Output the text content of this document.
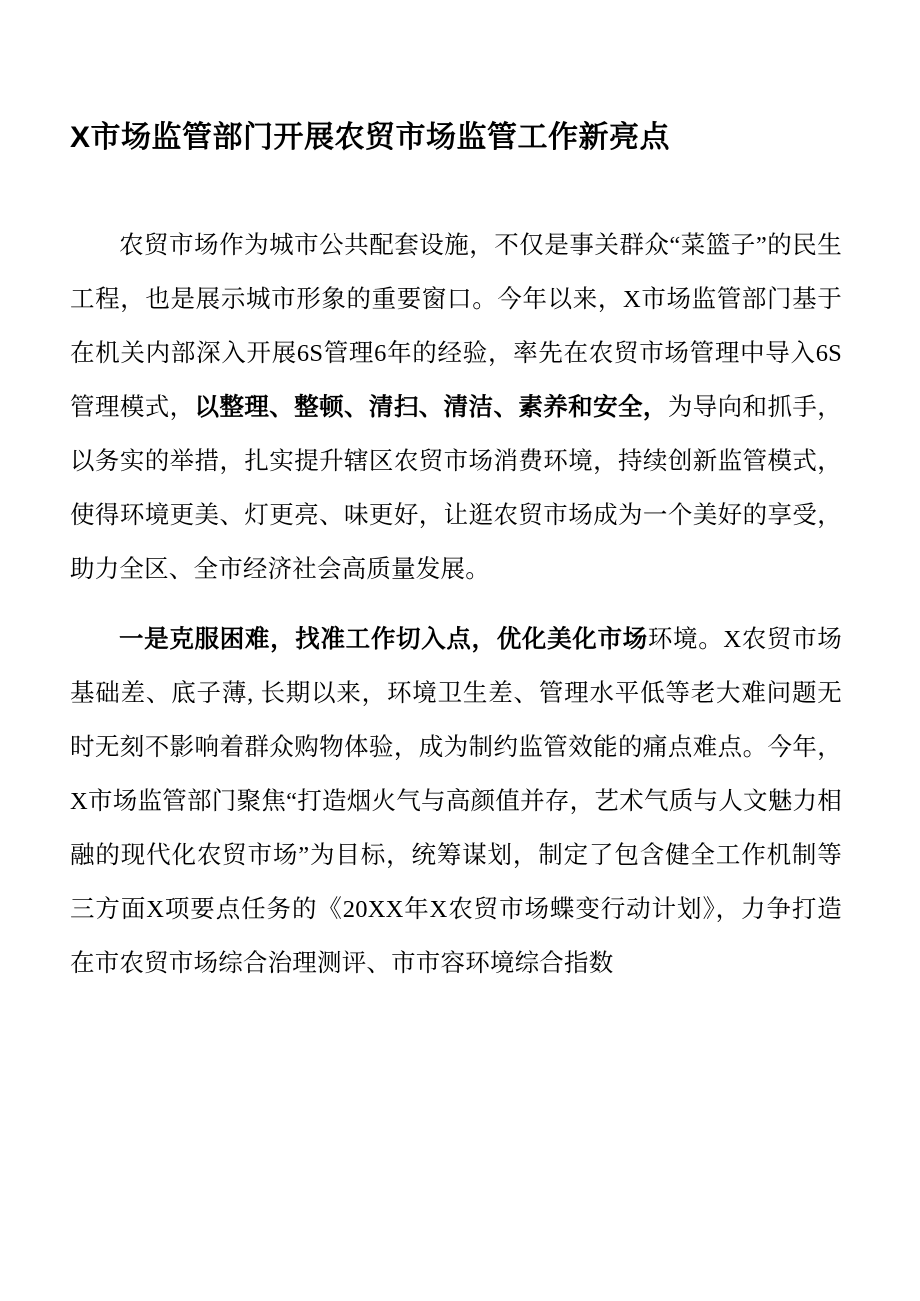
X市场监管部门开展农贸市场监管工作新亮点

农贸市场作为城市公共配套设施，不仅是事关群众“菜篮子”的民生工程，也是展示城市形象的重要窗口。今年以来，X市场监管部门基于在机关内部深入开展6S管理6年的经验，率先在农贸市场管理中导入6S管理模式，以整理、整顿、清扫、清洁、素养和安全，为导向和抓手，以务实的举措，扎实提升辖区农贸市场消费环境，持续创新监管模式，使得环境更美、灯更亮、味更好，让逛农贸市场成为一个美好的享受，助力全区、全市经济社会高质量发展。

一是克服困难，找准工作切入点，优化美化市场环境。X农贸市场基础差、底子薄, 长期以来，环境卫生差、管理水平低等老大难问题无时无刻不影响着群众购物体验，成为制约监管效能的痛点难点。今年，X市场监管部门聚焦“打造烟火气与高颜值并存，艺术气质与人文魅力相融的现代化农贸市场”为目标，统筹谋划，制定了包含健全工作机制等三方面X项要点任务的《20XX年X农贸市场蝶变行动计划》，力争打造在市农贸市场综合治理测评、市市容环境综合指数
